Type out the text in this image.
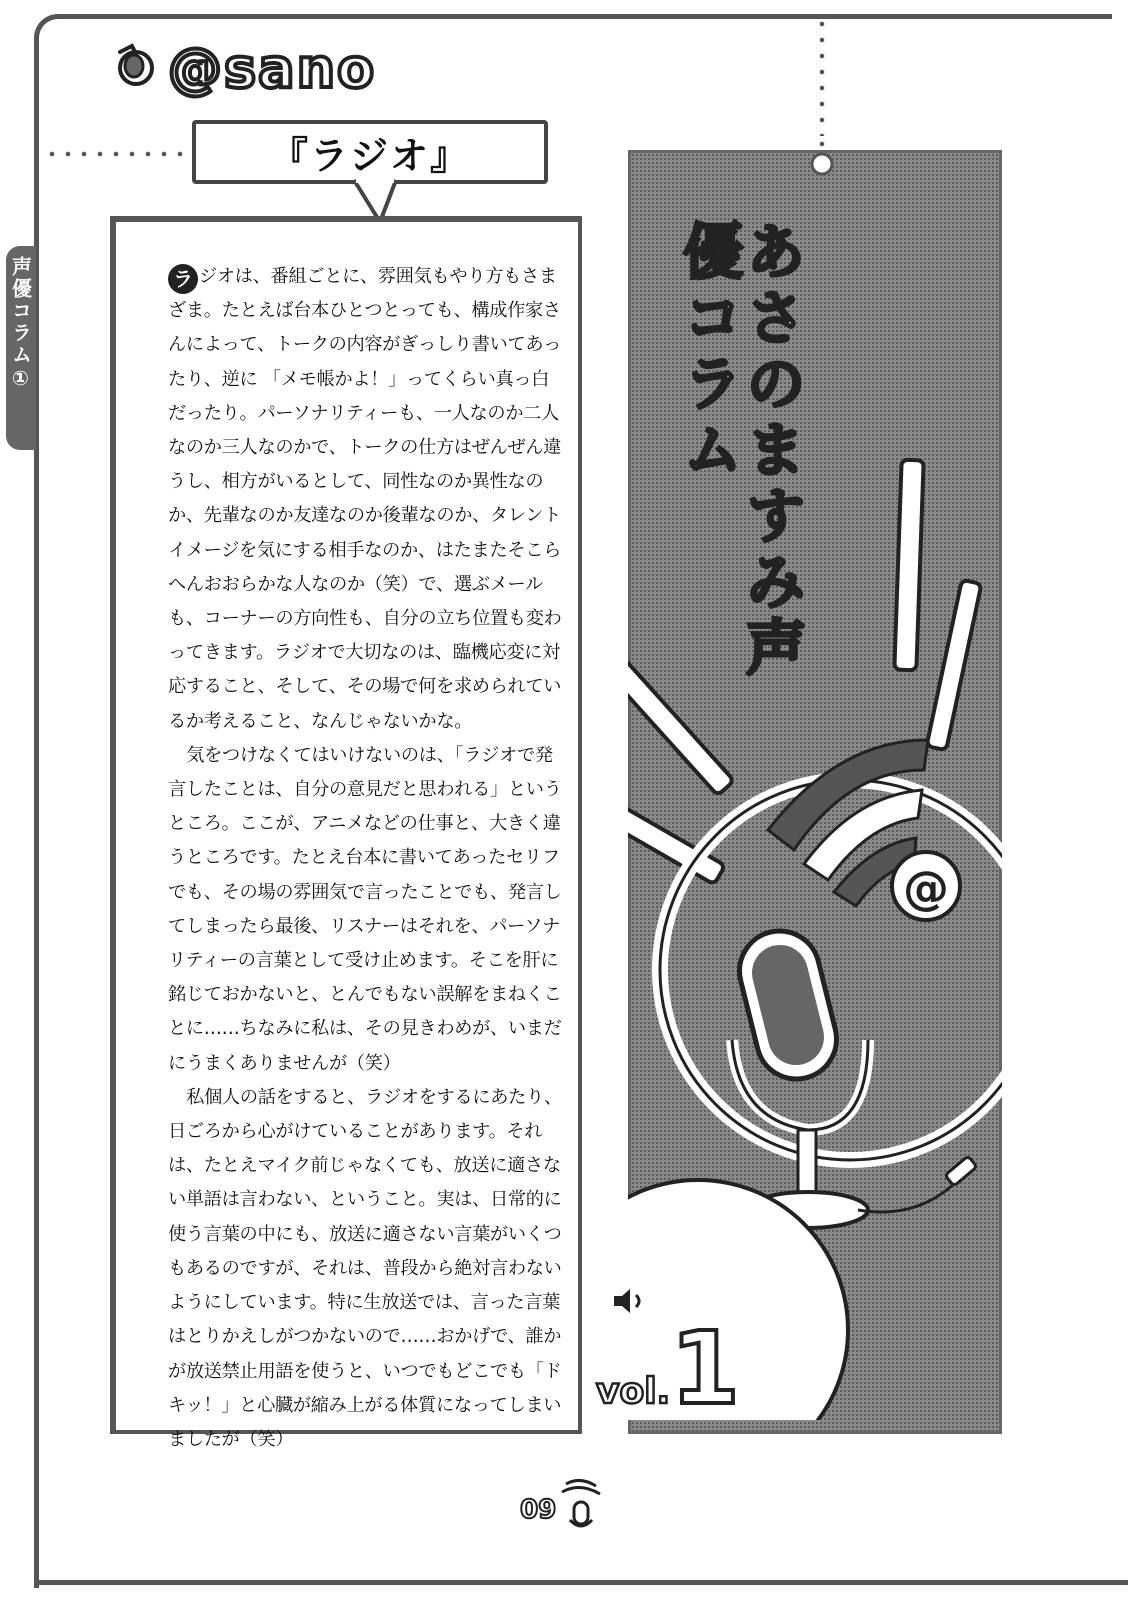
@sano
『ラジオ』
声優コラム①	あさのますみ声優コラム
@
vol.1

ラ ジオは、番組ごとに、雰囲気もやり方もさまざま。たとえば台本ひとつとっても、構成作家さんによって、トークの内容がぎっしり書いてあったり、逆に 「メモ帳かよ！」ってくらい真っ白だったり。パーソナリティーも、一人なのか二人なのか三人なのかで、トークの仕方はぜんぜん違うし、相方がいるとして、同性なのか異性なのか、先輩なのか友達なのか後輩なのか、タレントイメージを気にする相手なのか、はたまたそこらへんおおらかな人なのか（笑）で、選ぶメールも、コーナーの方向性も、自分の立ち位置も変わってきます。ラジオで大切なのは、臨機応変に対応すること、そして、その場で何を求められているか考えること、なんじゃないかな。

気をつけなくてはいけないのは、「ラジオで発言したことは、自分の意見だと思われる」というところ。ここが、アニメなどの仕事と、大きく違うところです。たとえ台本に書いてあったセリフでも、その場の雰囲気で言ったことでも、発言してしまったら最後、リスナーはそれを、パーソナリティーの言葉として受け止めます。そこを肝に銘じておかないと、とんでもない誤解をまねくことに……ちなみに私は、その見きわめが、いまだにうまくありませんが（笑）

私個人の話をすると、ラジオをするにあたり、日ごろから心がけていることがあります。それは、たとえマイク前じゃなくても、放送に適さない単語は言わない、ということ。実は、日常的に使う言葉の中にも、放送に適さない言葉がいくつもあるのですが、それは、普段から絶対言わないようにしています。特に生放送では、言った言葉はとりかえしがつかないので……おかげで、誰かが放送禁止用語を使うと、いつでもどこでも「ドキッ！」と心臓が縮み上がる体質になってしまいましたが（笑）

60
